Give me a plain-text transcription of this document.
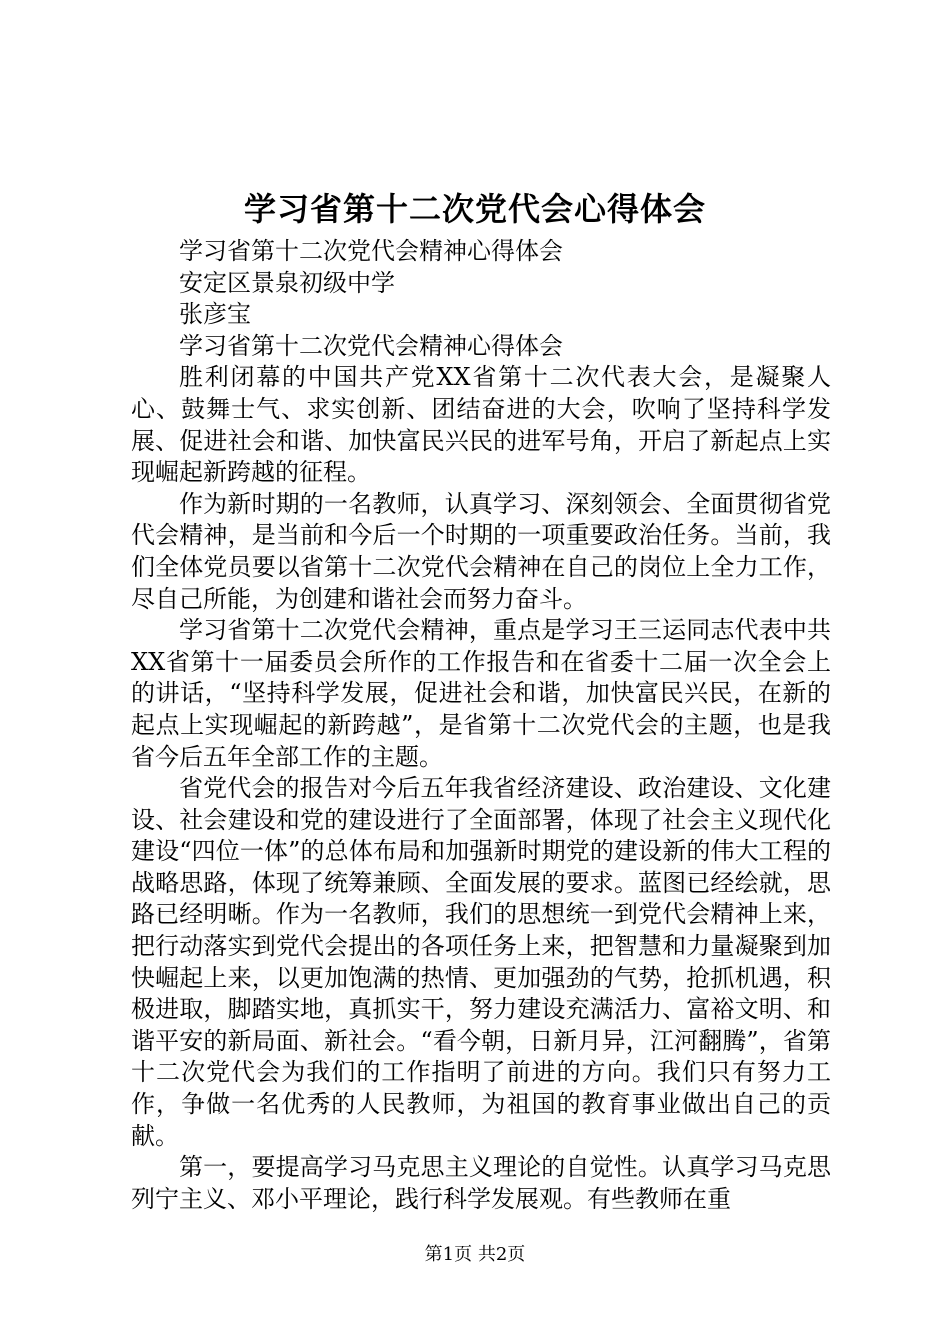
学习省第十二次党代会心得体会

学习省第十二次党代会精神心得体会

安定区景泉初级中学

张彦宝

学习省第十二次党代会精神心得体会

胜利闭幕的中国共产党XX省第十二次代表大会，是凝聚人心、鼓舞士气、求实创新、团结奋进的大会，吹响了坚持科学发展、促进社会和谐、加快富民兴民的进军号角，开启了新起点上实现崛起新跨越的征程。

作为新时期的一名教师，认真学习、深刻领会、全面贯彻省党代会精神，是当前和今后一个时期的一项重要政治任务。当前，我们全体党员要以省第十二次党代会精神在自己的岗位上全力工作，尽自己所能，为创建和谐社会而努力奋斗。

学习省第十二次党代会精神，重点是学习王三运同志代表中共XX省第十一届委员会所作的工作报告和在省委十二届一次全会上的讲话，“坚持科学发展，促进社会和谐，加快富民兴民，在新的起点上实现崛起的新跨越”，是省第十二次党代会的主题，也是我省今后五年全部工作的主题。

省党代会的报告对今后五年我省经济建设、政治建设、文化建设、社会建设和党的建设进行了全面部署，体现了社会主义现代化建设“四位一体”的总体布局和加强新时期党的建设新的伟大工程的战略思路，体现了统筹兼顾、全面发展的要求。蓝图已经绘就，思路已经明晰。作为一名教师，我们的思想统一到党代会精神上来，把行动落实到党代会提出的各项任务上来，把智慧和力量凝聚到加快崛起上来，以更加饱满的热情、更加强劲的气势，抢抓机遇，积极进取，脚踏实地，真抓实干，努力建设充满活力、富裕文明、和谐平安的新局面、新社会。“看今朝，日新月异，江河翻腾”，省第十二次党代会为我们的工作指明了前进的方向。我们只有努力工作，争做一名优秀的人民教师，为祖国的教育事业做出自己的贡献。

第一，要提高学习马克思主义理论的自觉性。认真学习马克思列宁主义、邓小平理论，践行科学发展观。有些教师在重

第1页 共2页
